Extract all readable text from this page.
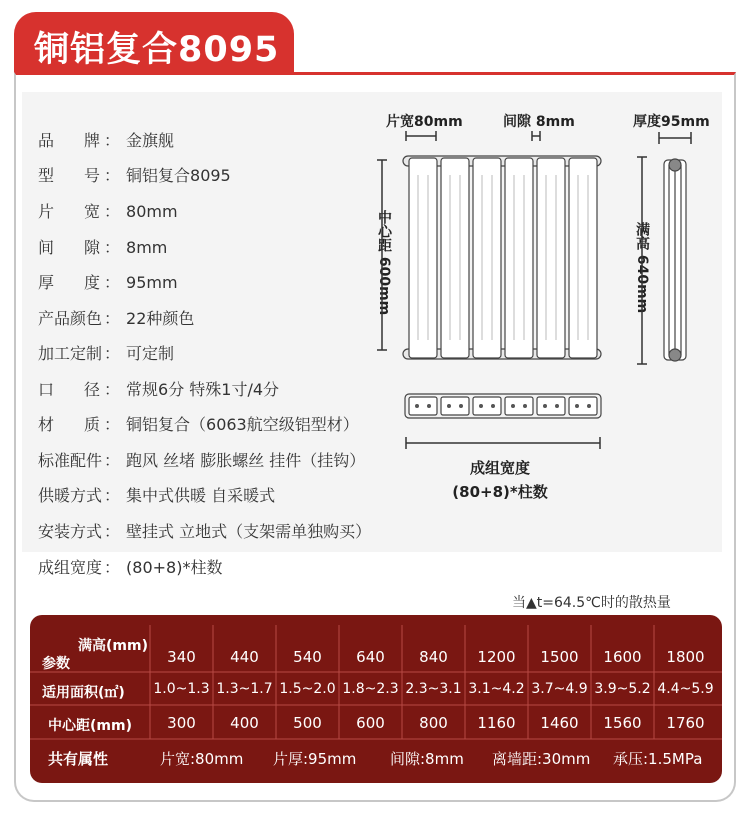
铜铝复合8095
品牌 ： 金旗舰
型号 ： 铜铝复合8095
片宽 ： 80mm
间隙 ： 8mm
厚度 ： 95mm
产品颜色 ： 22种颜色
加工定制 ： 可定制
口径 ： 常规6分 特殊1寸/4分
材质 ： 铜铝复合（6063航空级铝型材）
标准配件 ： 跑风 丝堵 膨胀螺丝 挂件（挂钩）
供暖方式 ： 集中式供暖 自采暖式
安装方式 ： 壁挂式 立地式（支架需单独购买）
成组宽度 ： (80+8)*柱数
片宽80mm	间隙 8mm	厚度95mm
中心距 600mm	满高 640mm
成组宽度
(80+8)*柱数
当▲t=64.5℃时的散热量
满高(mm)
参数	340	440	540	640	840	1200	1500	1600	1800
适用面积(㎡) 1.0~1.3 1.3~1.7 1.5~2.0 1.8~2.3 2.3~3.1 3.1~4.2 3.7~4.9 3.9~5.2 4.4~5.9
中心距(mm)	300	400	500	600	800	1160	1460	1560	1760
共有属性	片宽:80mm 片厚:95mm 间隙:8mm 离墙距:30mm 承压:1.5MPa
